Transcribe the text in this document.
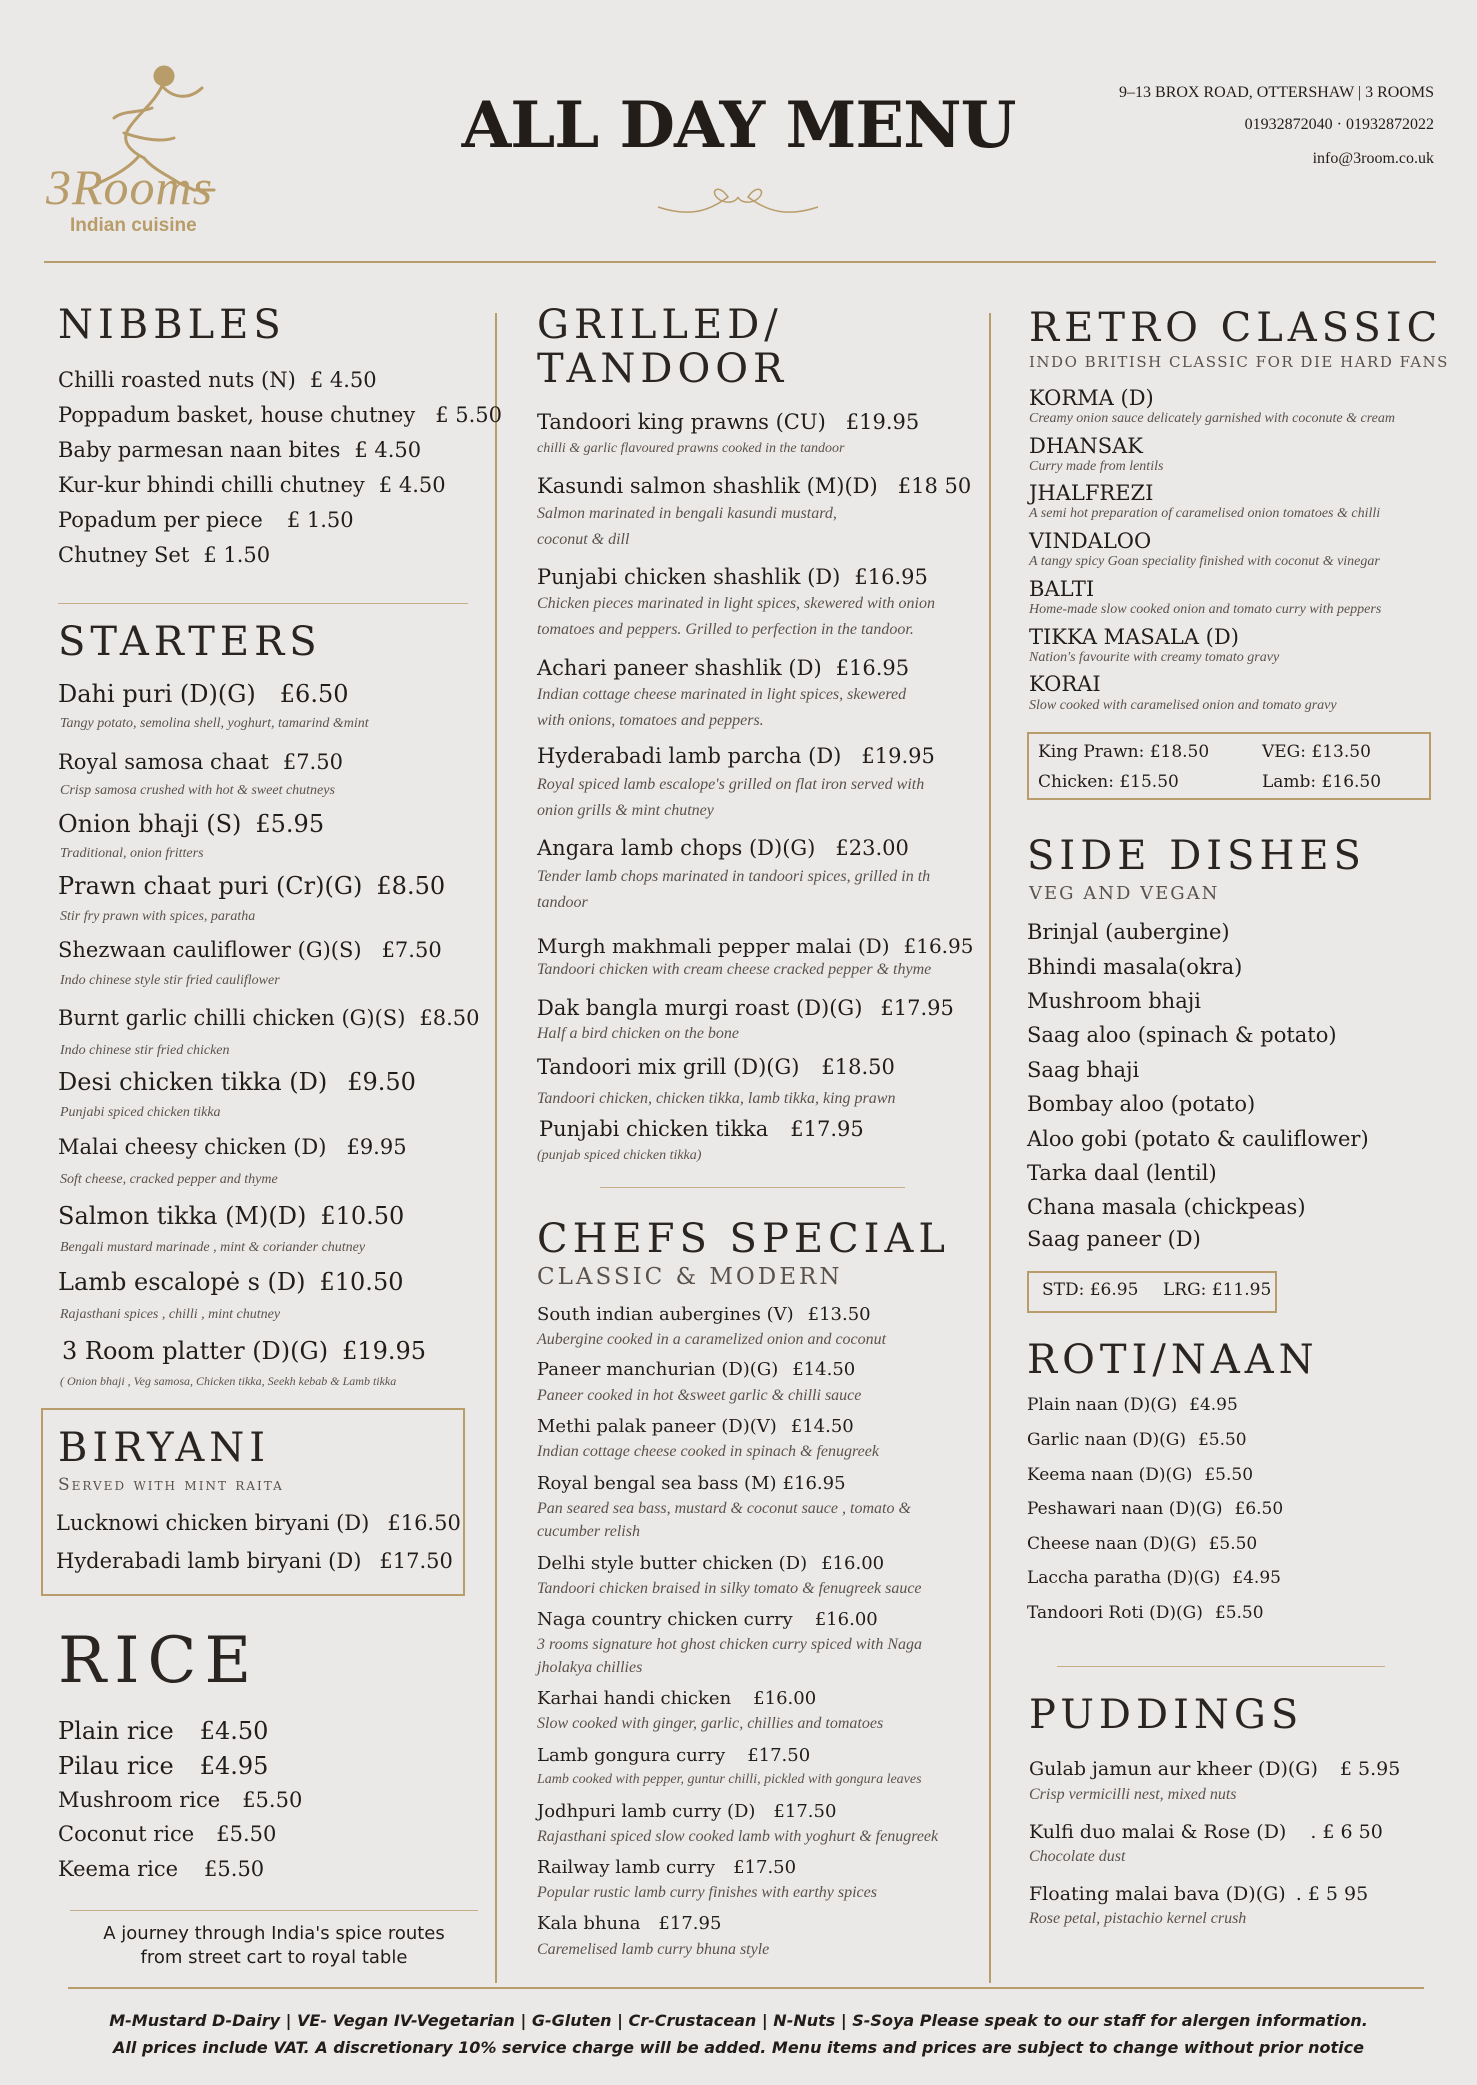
3Rooms
Indian cuisine
ALL DAY MENU	9–13 BROX ROAD, OTTERSHAW | 3 ROOMS
01932872040 · 01932872022
info@3room.co.uk
NIBBLES
Chilli roasted nuts (N) £ 4.50
Poppadum basket, house chutney £ 5.50
Baby parmesan naan bites £ 4.50
Kur-kur bhindi chilli chutney £ 4.50
Popadum per piece £ 1.50
Chutney Set £ 1.50
STARTERS
Dahi puri (D)(G) £6.50
Tangy potato, semolina shell, yoghurt, tamarind &mint
Royal samosa chaat £7.50
Crisp samosa crushed with hot & sweet chutneys
Onion bhaji (S) £5.95
Traditional, onion fritters
Prawn chaat puri (Cr)(G) £8.50
Stir fry prawn with spices, paratha
Shezwaan cauliflower (G)(S) £7.50
Indo chinese style stir fried cauliflower
Burnt garlic chilli chicken (G)(S) £8.50
Indo chinese stir fried chicken
Desi chicken tikka (D) £9.50
Punjabi spiced chicken tikka
Malai cheesy chicken (D) £9.95
Soft cheese, cracked pepper and thyme
Salmon tikka (M)(D) £10.50
Bengali mustard marinade , mint & coriander chutney
Lamb escalopė s (D) £10.50
Rajasthani spices , chilli , mint chutney
3 Room platter (D)(G) £19.95
( Onion bhaji , Veg samosa, Chicken tikka, Seekh kebab & Lamb tikka
BIRYANI
Served with mint raita
Lucknowi chicken biryani (D) £16.50
Hyderabadi lamb biryani (D) £17.50
RICE
Plain rice £4.50
Pilau rice £4.95
Mushroom rice £5.50
Coconut rice £5.50
Keema rice £5.50
A journey through India's spice routes
from street cart to royal table
GRILLED/
TANDOOR
Tandoori king prawns (CU) £19.95
chilli & garlic flavoured prawns cooked in the tandoor
Kasundi salmon shashlik (M)(D) £18 50
Salmon marinated in bengali kasundi mustard,
coconut & dill
Punjabi chicken shashlik (D) £16.95
Chicken pieces marinated in light spices, skewered with onion
tomatoes and peppers. Grilled to perfection in the tandoor.
Achari paneer shashlik (D) £16.95
Indian cottage cheese marinated in light spices, skewered
with onions, tomatoes and peppers.
Hyderabadi lamb parcha (D) £19.95
Royal spiced lamb escalope's grilled on flat iron served with
onion grills & mint chutney
Angara lamb chops (D)(G) £23.00
Tender lamb chops marinated in tandoori spices, grilled in th
tandoor
Murgh makhmali pepper malai (D) £16.95
Tandoori chicken with cream cheese cracked pepper & thyme
Dak bangla murgi roast (D)(G) £17.95
Half a bird chicken on the bone
Tandoori mix grill (D)(G) £18.50
Tandoori chicken, chicken tikka, lamb tikka, king prawn
Punjabi chicken tikka £17.95
(punjab spiced chicken tikka)
CHEFS SPECIAL
CLASSIC & MODERN
South indian aubergines (V) £13.50
Aubergine cooked in a caramelized onion and coconut
Paneer manchurian (D)(G) £14.50
Paneer cooked in hot &sweet garlic & chilli sauce
Methi palak paneer (D)(V) £14.50
Indian cottage cheese cooked in spinach & fenugreek
Royal bengal sea bass (M) £16.95
Pan seared sea bass, mustard & coconut sauce , tomato &
cucumber relish
Delhi style butter chicken (D) £16.00
Tandoori chicken braised in silky tomato & fenugreek sauce
Naga country chicken curry £16.00
3 rooms signature hot ghost chicken curry spiced with Naga
jholakya chillies
Karhai handi chicken £16.00
Slow cooked with ginger, garlic, chillies and tomatoes
Lamb gongura curry £17.50
Lamb cooked with pepper, guntur chilli, pickled with gongura leaves
Jodhpuri lamb curry (D) £17.50
Rajasthani spiced slow cooked lamb with yoghurt & fenugreek
Railway lamb curry £17.50
Popular rustic lamb curry finishes with earthy spices
Kala bhuna £17.95
Caremelised lamb curry bhuna style
RETRO CLASSIC
INDO BRITISH CLASSIC FOR DIE HARD FANS
KORMA (D)
Creamy onion sauce delicately garnished with coconute & cream
DHANSAK
Curry made from lentils
JHALFREZI
A semi hot preparation of caramelised onion tomatoes & chilli
VINDALOO
A tangy spicy Goan speciality finished with coconut & vinegar
BALTI
Home-made slow cooked onion and tomato curry with peppers
TIKKA MASALA (D)
Nation's favourite with creamy tomato gravy
KORAI
Slow cooked with caramelised onion and tomato gravy
King Prawn: £18.50	VEG: £13.50
Chicken: £15.50	Lamb: £16.50
SIDE DISHES
VEG AND VEGAN
Brinjal (aubergine)
Bhindi masala(okra)
Mushroom bhaji
Saag aloo (spinach & potato)
Saag bhaji
Bombay aloo (potato)
Aloo gobi (potato & cauliflower)
Tarka daal (lentil)
Chana masala (chickpeas)
Saag paneer (D)
STD: £6.95 LRG: £11.95
ROTI/NAAN
Plain naan (D)(G) £4.95
Garlic naan (D)(G) £5.50
Keema naan (D)(G) £5.50
Peshawari naan (D)(G) £6.50
Cheese naan (D)(G) £5.50
Laccha paratha (D)(G) £4.95
Tandoori Roti (D)(G) £5.50
PUDDINGS
Gulab jamun aur kheer (D)(G) £ 5.95
Crisp vermicilli nest, mixed nuts
Kulfi duo malai & Rose (D) . £ 6 50
Chocolate dust
Floating malai bava (D)(G) . £ 5 95
Rose petal, pistachio kernel crush
M-Mustard D-Dairy | VE- Vegan IV-Vegetarian | G-Gluten | Cr-Crustacean | N-Nuts | S-Soya Please speak to our staff for alergen information.
All prices include VAT. A discretionary 10% service charge will be added. Menu items and prices are subject to change without prior notice
